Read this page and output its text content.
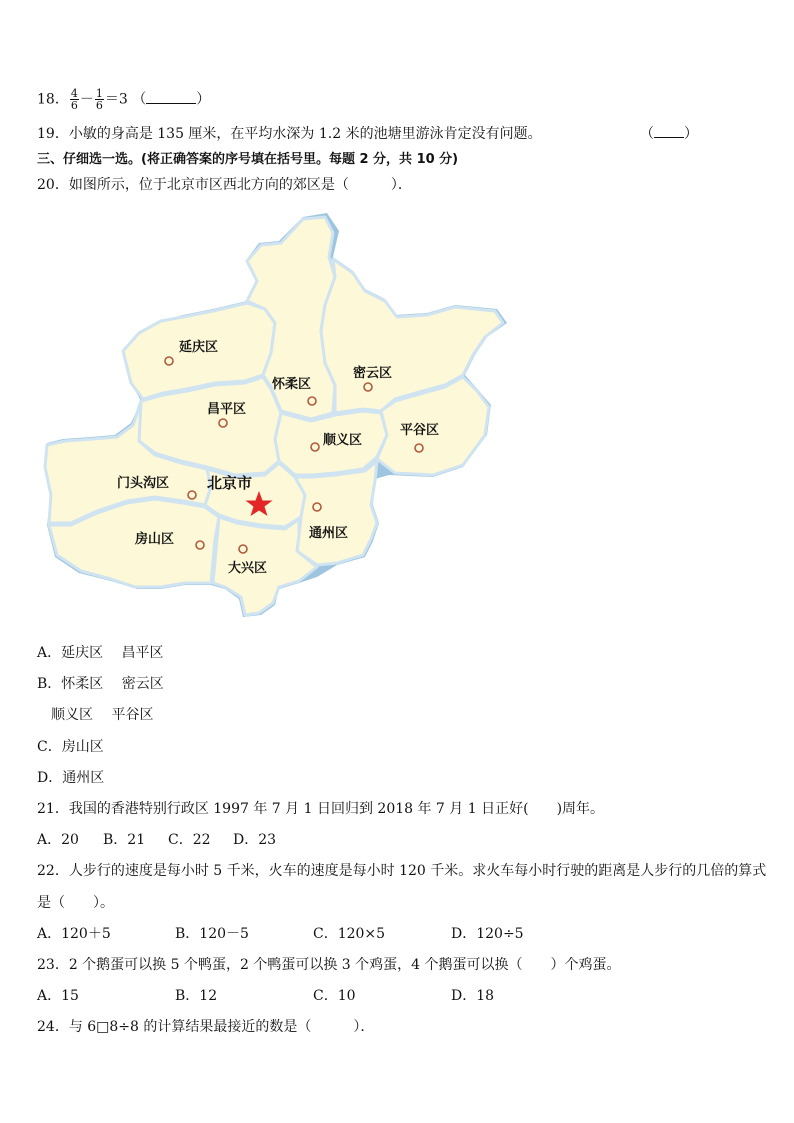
18． $\frac{4}{6} - \frac{1}{6} =3$ （	）
19．小敏的身高是 135 厘米，在平均水深为 1.2 米的池塘里游泳肯定没有问题。	（ ）
三、仔细选一选。(将正确答案的序号填在括号里。每题 2 分，共 10 分)
20．如图所示，位于北京市区西北方向的郊区是（　　　）．
延庆区
怀柔区
密云区
昌平区
平谷区
顺义区
门头沟区	北京市
通州区
房山区
大兴区
A．延庆区　 昌平区
B．怀柔区　 密云区
　顺义区　 平谷区
C．房山区
D．通州区
21．我国的香港特别行政区 1997 年 7 月 1 日回归到 2018 年 7 月 1 日正好(　　)周年。
A．20 B．21 C．22 D．23
22．人步行的速度是每小时 5 千米，火车的速度是每小时 120 千米。求火车每小时行驶的距离是人步行的几倍的算式
是（　　）。
A．120＋5	B．120－5	C．120×5	D．120÷5
23．2 个鹅蛋可以换 5 个鸭蛋，2 个鸭蛋可以换 3 个鸡蛋，4 个鹅蛋可以换（　　）个鸡蛋。
A．15	B．12	C．10	D．18
24．与 6□8÷8 的计算结果最接近的数是（　　　）．
